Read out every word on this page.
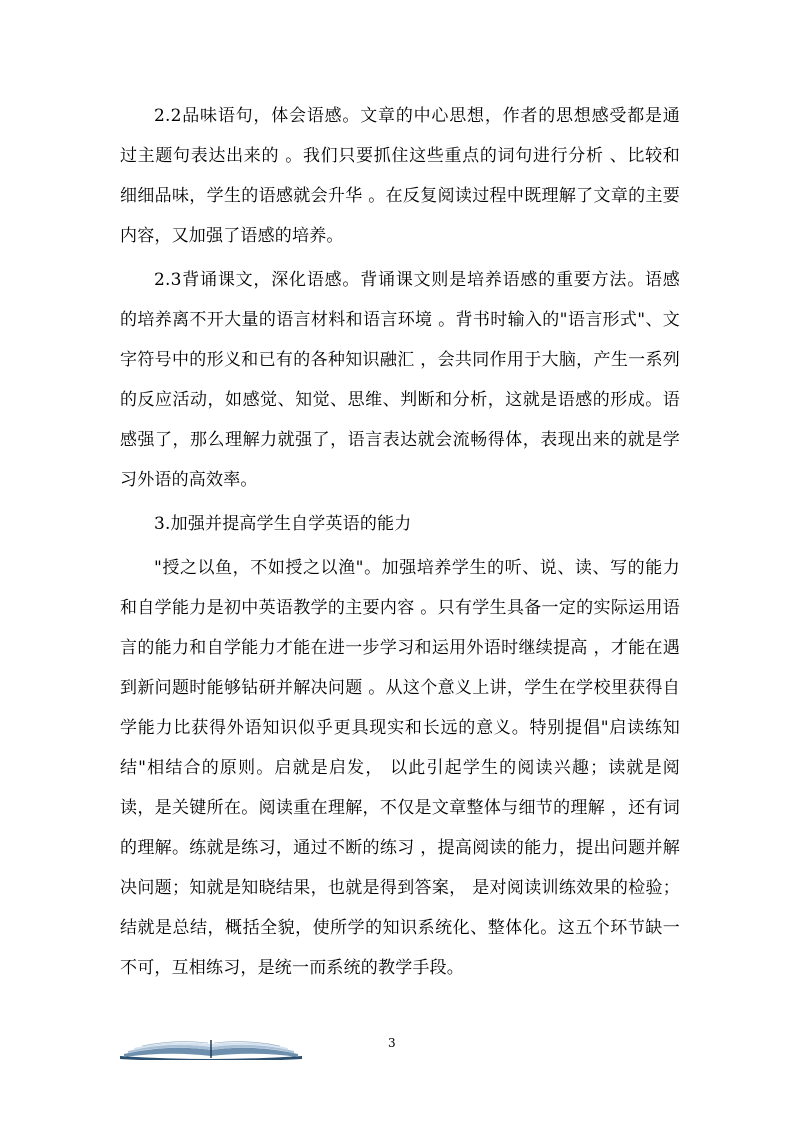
2.2品味语句，体会语感。文章的中心思想，作者的思想感受都是通过主题句表达出来的 。我们只要抓住这些重点的词句进行分析 、比较和细细品味，学生的语感就会升华 。在反复阅读过程中既理解了文章的主要内容，又加强了语感的培养。

2.3背诵课文，深化语感。背诵课文则是培养语感的重要方法。语感的培养离不开大量的语言材料和语言环境 。背书时输入的"语言形式"、文字符号中的形义和已有的各种知识融汇 ，会共同作用于大脑，产生一系列的反应活动，如感觉、知觉、思维、判断和分析，这就是语感的形成。语感强了，那么理解力就强了，语言表达就会流畅得体，表现出来的就是学习外语的高效率。

3.加强并提高学生自学英语的能力

"授之以鱼，不如授之以渔"。加强培养学生的听、说、读、写的能力和自学能力是初中英语教学的主要内容 。只有学生具备一定的实际运用语言的能力和自学能力才能在进一步学习和运用外语时继续提高 ，才能在遇到新问题时能够钻研并解决问题 。从这个意义上讲，学生在学校里获得自学能力比获得外语知识似乎更具现实和长远的意义。特别提倡"启读练知结"相结合的原则。启就是启发， 以此引起学生的阅读兴趣；读就是阅读，是关键所在。阅读重在理解，不仅是文章整体与细节的理解 ，还有词的理解。练就是练习，通过不断的练习 ，提高阅读的能力，提出问题并解决问题；知就是知晓结果，也就是得到答案， 是对阅读训练效果的检验；结就是总结，概括全貌，使所学的知识系统化、整体化。这五个环节缺一不可，互相练习，是统一而系统的教学手段。

3
